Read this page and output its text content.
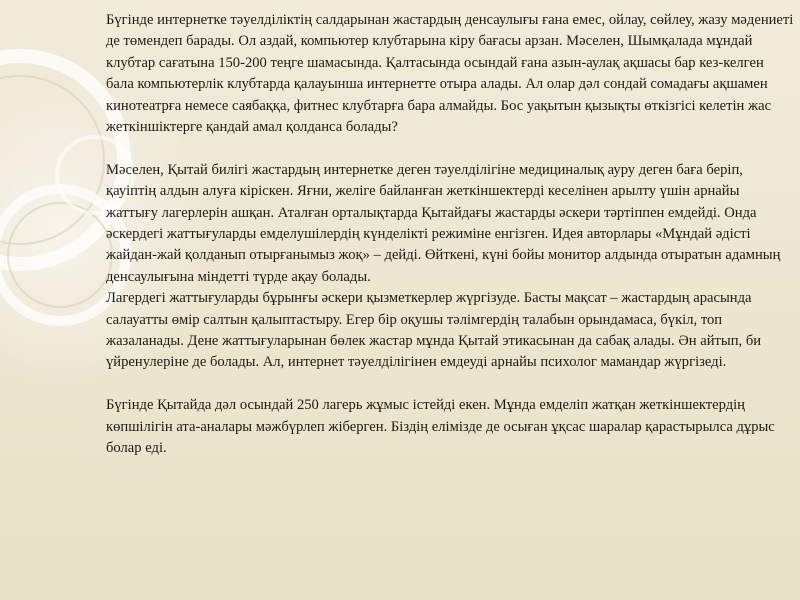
Бүгінде интернетке тәуелділіктің салдарынан жастардың денсаулығы ғана емес, ойлау, сөйлеу, жазу мәдениеті де төмендеп барады. Ол аздай, компьютер клубтарына кіру бағасы арзан. Мәселен, Шымқалада мұндай клубтар сағатына 150-200 теңге шамасында. Қалтасында осындай ғана азын-аулақ ақшасы бар кез-келген бала компьютерлік клубтарда қалауынша интернетте отыра алады. Ал олар дәл сондай сомадағы ақшамен кинотеатрға немесе саябаққа, фитнес клубтарға бара алмайды. Бос уақытын қызықты өткізгісі келетін жас жеткіншіктерге қандай амал қолданса болады?

Мәселен, Қытай билігі жастардың интернетке деген тәуелділігіне медициналық ауру деген баға беріп, қауіптің алдын алуға кірiскен. Яғни, желіге байланған жеткіншектерді кеселінен арылту үшін арнайы жаттығу лагерлерін ашқан. Аталған орталықтарда Қытайдағы жастарды әскери тәртіппен емдейді. Онда әскердегі жаттығуларды емделушілердің күнделікті режиміне енгізген. Идея авторлары «Мұндай әдісті жайдан-жай қолданып отырғанымыз жоқ» – дейді. Өйткені, күні бойы монитор алдында отыратын адамның денсаулығына міндетті түрде ақау болады.

Лагердегі жаттығуларды бұрынғы әскери қызметкерлер жүргізуде. Басты мақсат – жастардың арасында салауатты өмір салтын қалыптастыру. Егер бір оқушы тәлімгердің талабын орындамаса, бүкіл, топ жазаланады. Дене жаттығуларынан бөлек жастар мұнда Қытай этикасынан да сабақ алады. Ән айтып, би үйренулеріне де болады. Ал, интернет тәуелділігінен емдеуді арнайы психолог мамандар жүргізеді.

Бүгінде Қытайда дәл осындай 250 лагерь жұмыс істейді екен. Мұнда емделіп жатқан жеткіншектердің көпшілігін ата-аналары мәжбүрлеп жіберген. Біздің елімізде де осыған ұқсас шаралар қарастырылса дұрыс болар еді.
